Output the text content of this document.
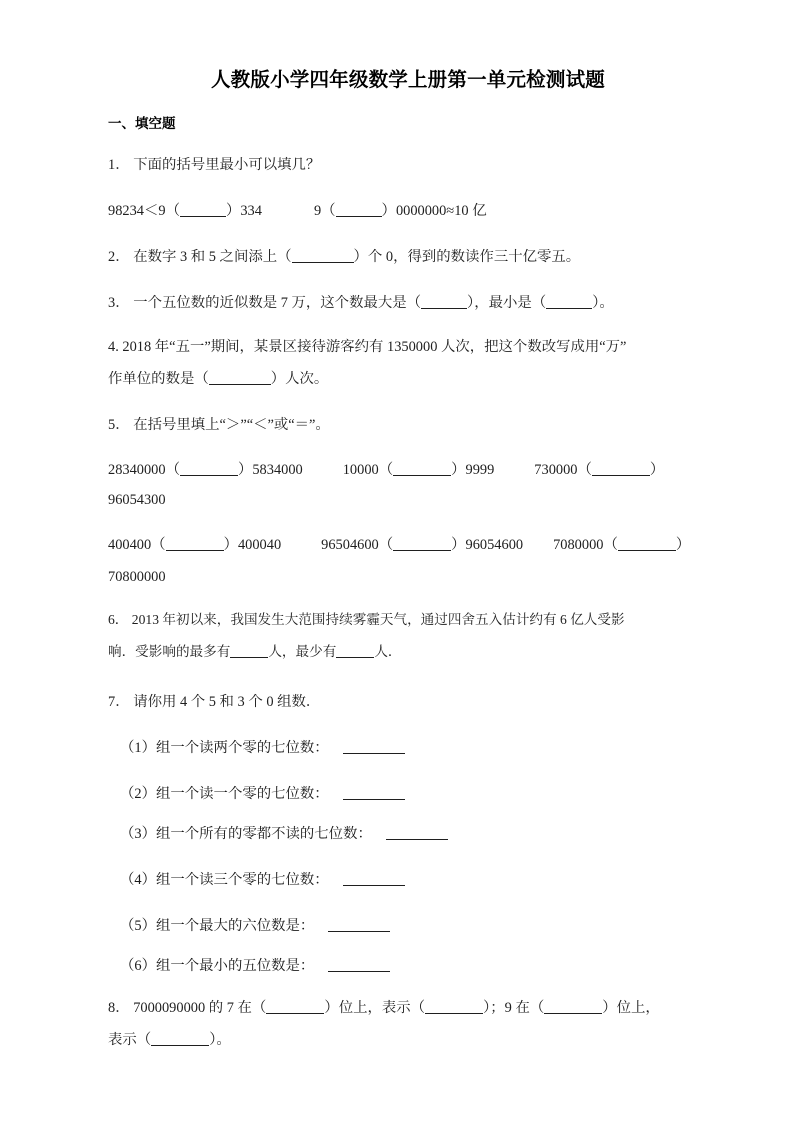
人教版小学四年级数学上册第一单元检测试题
一、填空题
1． 下面的括号里最小可以填几？
98234＜9（	）334	9（	）0000000≈10 亿
2． 在数字 3 和 5 之间添上（	）个 0，得到的数读作三十亿零五。
3． 一个五位数的近似数是 7 万，这个数最大是（	），最小是（	）。
4. 2018 年“五一”期间，某景区接待游客约有 1350000 人次，把这个数改写成用“万”
作单位的数是（	）人次。
5． 在括号里填上“＞”“＜”或“＝”。
28340000（	）5834000	10000（	）9999	730000（	）
96054300
400400（	）400040	96504600（	）96054600 7080000（	）
70800000
6． 2013 年初以来，我国发生大范围持续雾霾天气，通过四舍五入估计约有 6 亿人受影
响．受影响的最多有	人，最少有	人．
7． 请你用 4 个 5 和 3 个 0 组数．
（1）组一个读两个零的七位数：
（2）组一个读一个零的七位数：
（3）组一个所有的零都不读的七位数：
（4）组一个读三个零的七位数：
（5）组一个最大的六位数是：
（6）组一个最小的五位数是：
8． 7000090000 的 7 在（	）位上，表示（	）；9 在（	）位上，
表示（	）。
